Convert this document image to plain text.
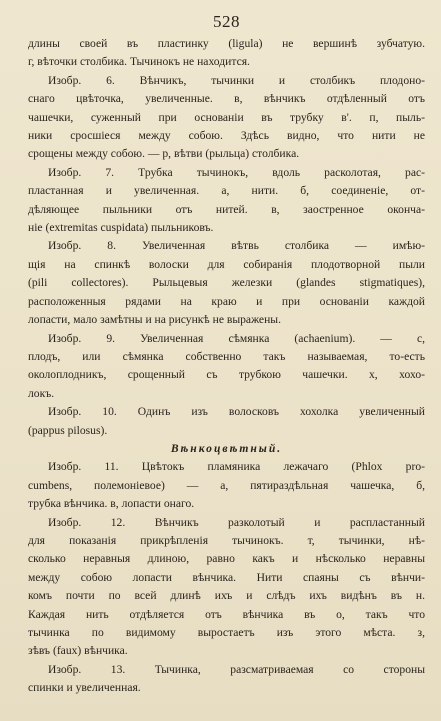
528
длины своей въ пластинку (ligula) не вершинѣ зубчатую.
г, вѣточки столбика. Тычинокъ не находится.
Изобр. 6. Вѣнчикъ, тычинки и столбикъ плодоно-
снаго цвѣточка, увеличенные. в, вѣнчикъ отдѣленный отъ
чашечки, суженный при основаніи въ трубку в'. п, пыль-
ники сросшіеся между собою. Здѣсь видно, что нити не
срощены между собою. — р, вѣтви (рыльца) столбика.
Изобр. 7. Трубка тычинокъ, вдоль расколотая, рас-
пластанная и увеличенная. а, нити. б, соединеніе, от-
дѣляющее пыльники отъ нитей. в, заостренное оконча-
ніе (extremitas cuspidata) пыльниковъ.
Изобр. 8. Увеличенная вѣтвь столбика — имѣю-
щія на спинкѣ волоски для собиранія плодотворной пыли
(pili collectores). Рыльцевыя железки (glandes stigmatiques),
расположенныя рядами на краю и при основаніи каждой
лопасти, мало замѣтны и на рисункѣ не выражены.
Изобр. 9. Увеличенная сѣмянка (achaenium). — с,
плодъ, или сѣмянка собственно такъ называемая, то-есть
околоплодникъ, срощенный съ трубкою чашечки. х, хохо-
локъ.
Изобр. 10. Одинъ изъ волосковъ хохолка увеличенный
(pappus pilosus).
Вѣнкоцвѣтный.
Изобр. 11. Цвѣтокъ пламяника лежачаго (Phlox pro-
cumbens, полемоніевое) — а, пятираздѣльная чашечка, б,
трубка вѣнчика. в, лопасти онаго.
Изобр. 12. Вѣнчикъ разколотый и распластанный
для показанія прикрѣпленія тычинокъ. т, тычинки, нѣ-
сколько неравныя длиною, равно какъ и нѣсколько неравны
между собою лопасти вѣнчика. Нити спаяны съ вѣнчи-
комъ почти по всей длинѣ ихъ и слѣдъ ихъ видѣнъ въ н.
Каждая нить отдѣляется отъ вѣнчика въ о, такъ что
тычинка по видимому выростаетъ изъ этого мѣста. з,
зѣвъ (faux) вѣнчика.
Изобр. 13. Тычинка, разсматриваемая со стороны
спинки и увеличенная.
